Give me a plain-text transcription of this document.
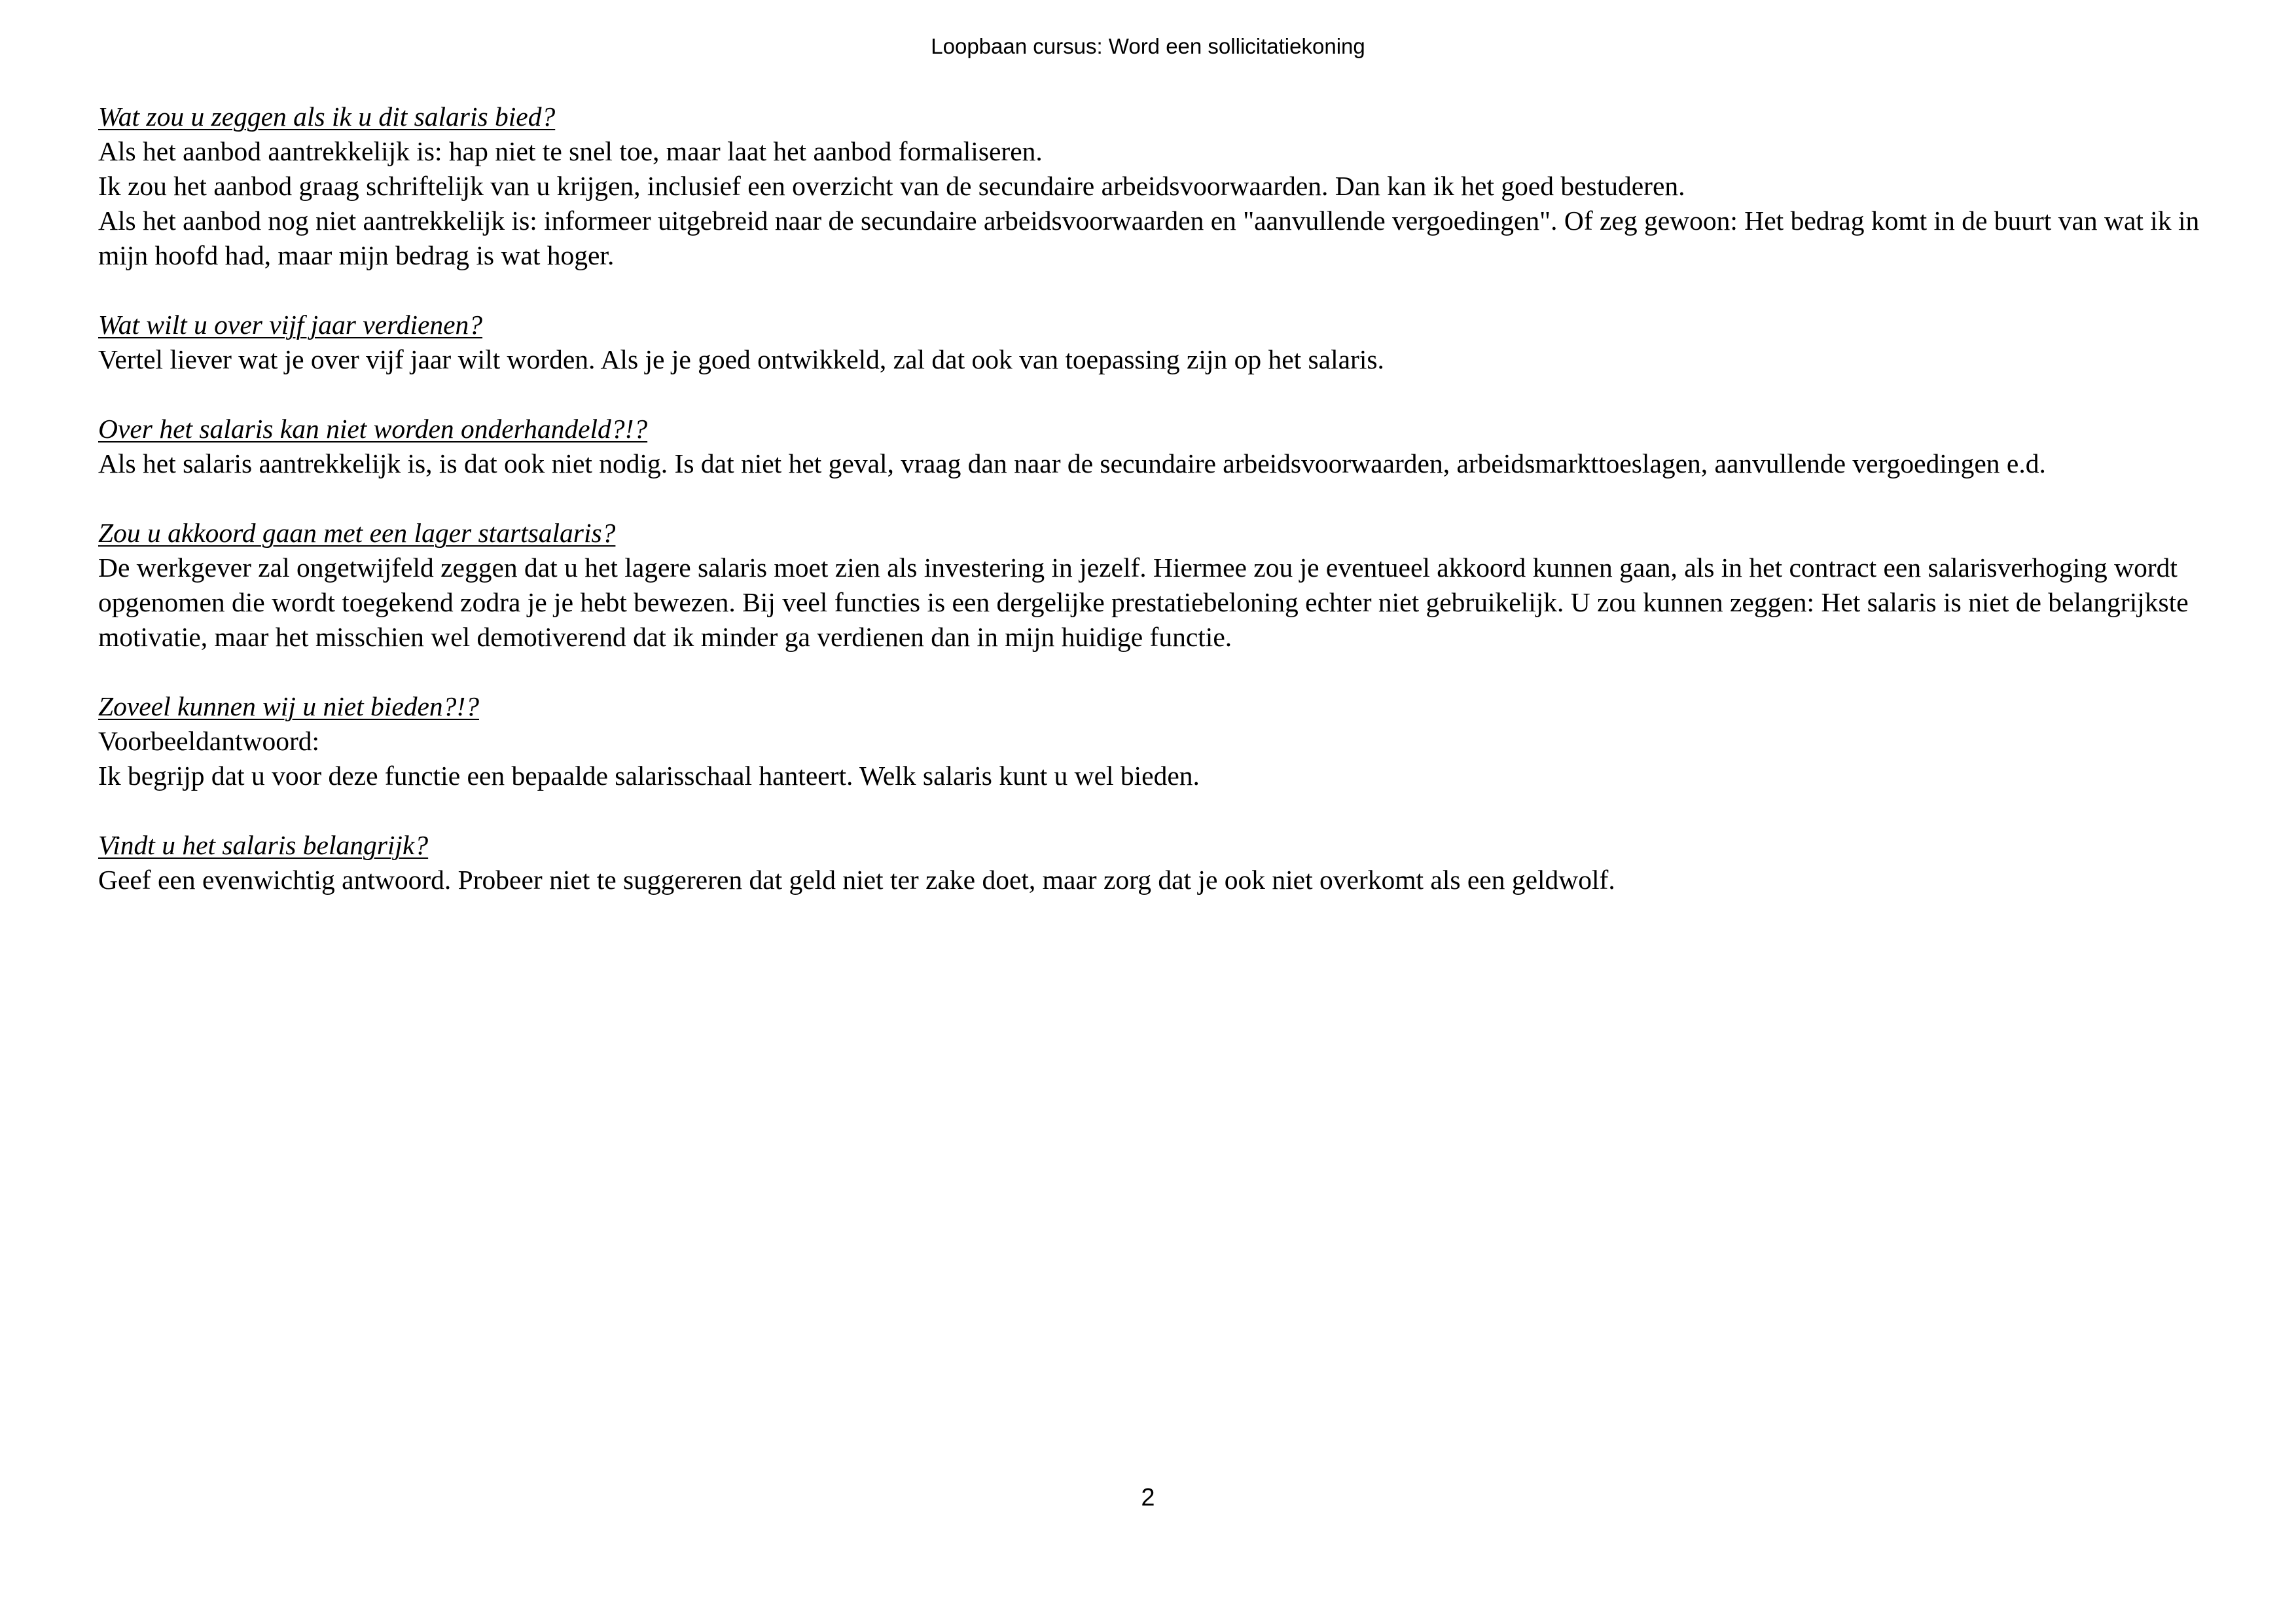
Loopbaan cursus: Word een sollicitatiekoning
Wat zou u zeggen als ik u dit salaris bied?
Als het aanbod aantrekkelijk is: hap niet te snel toe, maar laat het aanbod formaliseren.
Ik zou het aanbod graag schriftelijk van u krijgen, inclusief een overzicht van de secundaire arbeidsvoorwaarden. Dan kan ik het goed bestuderen.
Als het aanbod nog niet aantrekkelijk is: informeer uitgebreid naar de secundaire arbeidsvoorwaarden en "aanvullende vergoedingen". Of zeg gewoon: Het bedrag komt in de buurt van wat ik in mijn hoofd had, maar mijn bedrag is wat hoger.
Wat wilt u over vijf jaar verdienen?
Vertel liever wat je over vijf jaar wilt worden. Als je je goed ontwikkeld, zal dat ook van toepassing zijn op het salaris.
Over het salaris kan niet worden onderhandeld?!?
Als het salaris aantrekkelijk is, is dat ook niet nodig. Is dat niet het geval, vraag dan naar de secundaire arbeidsvoorwaarden, arbeidsmarkttoeslagen, aanvullende vergoedingen e.d.
Zou u akkoord gaan met een lager startsalaris?
De werkgever zal ongetwijfeld zeggen dat u het lagere salaris moet zien als investering in jezelf. Hiermee zou je eventueel akkoord kunnen gaan, als in het contract een salarisverhoging wordt opgenomen die wordt toegekend zodra je je hebt bewezen. Bij veel functies is een dergelijke prestatiebeloning echter niet gebruikelijk. U zou kunnen zeggen: Het salaris is niet de belangrijkste motivatie, maar het misschien wel demotiverend dat ik minder ga verdienen dan in mijn huidige functie.
Zoveel kunnen wij u niet bieden?!?
Voorbeeldantwoord:
Ik begrijp dat u voor deze functie een bepaalde salarisschaal hanteert. Welk salaris kunt u wel bieden.
Vindt u het salaris belangrijk?
Geef een evenwichtig antwoord. Probeer niet te suggereren dat geld niet ter zake doet, maar zorg dat je ook niet overkomt als een geldwolf.
2
